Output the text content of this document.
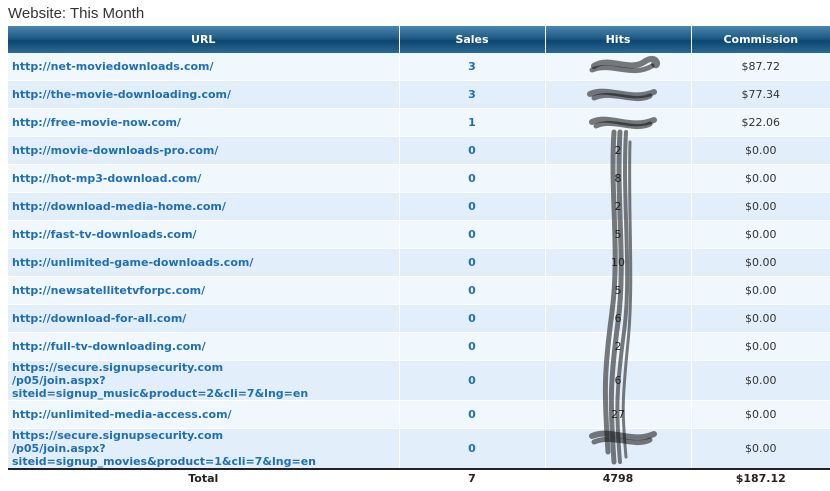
Website: This Month
URL	Sales	Hits	Commission

http://net-moviedownloads.com/	3		$87.72

http://the-movie-downloading.com/	3		$77.34

http://free-movie-now.com/	1		$22.06

http://movie-downloads-pro.com/	0	2	$0.00

http://hot-mp3-download.com/	0	8	$0.00

http://download-media-home.com/	0	2	$0.00

http://fast-tv-downloads.com/	0	5	$0.00

http://unlimited-game-downloads.com/	0	10	$0.00

http://newsatellitetvforpc.com/	0	5	$0.00

http://download-for-all.com/	0	6	$0.00

http://full-tv-downloading.com/	0	2	$0.00

https://secure.signupsecurity.com
/p05/join.aspx?siteid=signup_music&product=2&cli=7&lng=en	0	6	$0.00

http://unlimited-media-access.com/	0	27	$0.00

https://secure.signupsecurity.com
/p05/join.aspx?siteid=signup_movies&product=1&cli=7&lng=en	0		$0.00
Total	7	4798	$187.12
